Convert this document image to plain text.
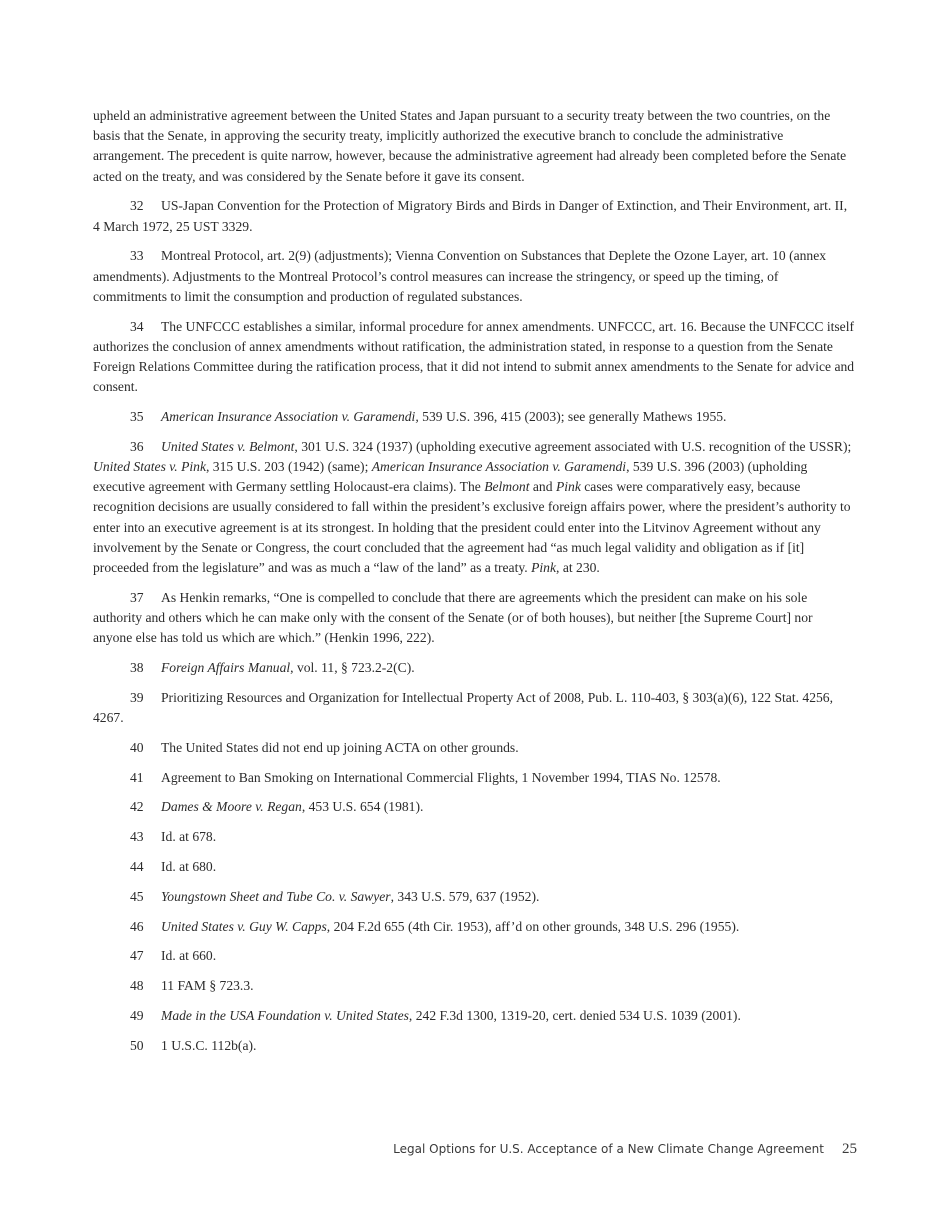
upheld an administrative agreement between the United States and Japan pursuant to a security treaty between the two countries, on the basis that the Senate, in approving the security treaty, implicitly authorized the executive branch to conclude the administrative arrangement. The precedent is quite narrow, however, because the administrative agreement had already been completed before the Senate acted on the treaty, and was considered by the Senate before it gave its consent.

32 US-Japan Convention for the Protection of Migratory Birds and Birds in Danger of Extinction, and Their Environment, art. II, 4 March 1972, 25 UST 3329.

33 Montreal Protocol, art. 2(9) (adjustments); Vienna Convention on Substances that Deplete the Ozone Layer, art. 10 (annex amendments). Adjustments to the Montreal Protocol’s control measures can increase the stringency, or speed up the timing, of commitments to limit the consumption and production of regulated substances.

34 The UNFCCC establishes a similar, informal procedure for annex amendments. UNFCCC, art. 16. Because the UNFCCC itself authorizes the conclusion of annex amendments without ratification, the administration stated, in response to a question from the Senate Foreign Relations Committee during the ratification process, that it did not intend to submit annex amendments to the Senate for advice and consent.

35 American Insurance Association v. Garamendi, 539 U.S. 396, 415 (2003); see generally Mathews 1955.

36 United States v. Belmont, 301 U.S. 324 (1937) (upholding executive agreement associated with U.S. recognition of the USSR); United States v. Pink, 315 U.S. 203 (1942) (same); American Insurance Association v. Garamendi, 539 U.S. 396 (2003) (upholding executive agreement with Germany settling Holocaust-era claims). The Belmont and Pink cases were comparatively easy, because recognition decisions are usually considered to fall within the president’s exclusive foreign affairs power, where the president’s authority to enter into an executive agreement is at its strongest. In holding that the president could enter into the Litvinov Agreement without any involvement by the Senate or Congress, the court concluded that the agreement had “as much legal validity and obligation as if [it] proceeded from the legislature” and was as much a “law of the land” as a treaty. Pink, at 230.

37 As Henkin remarks, “One is compelled to conclude that there are agreements which the president can make on his sole authority and others which he can make only with the consent of the Senate (or of both houses), but neither [the Supreme Court] nor anyone else has told us which are which.” (Henkin 1996, 222).

38 Foreign Affairs Manual, vol. 11, § 723.2-2(C).

39 Prioritizing Resources and Organization for Intellectual Property Act of 2008, Pub. L. 110-403, § 303(a)(6), 122 Stat. 4256, 4267.

40 The United States did not end up joining ACTA on other grounds.

41 Agreement to Ban Smoking on International Commercial Flights, 1 November 1994, TIAS No. 12578.

42 Dames & Moore v. Regan, 453 U.S. 654 (1981).

43 Id. at 678.

44 Id. at 680.

45 Youngstown Sheet and Tube Co. v. Sawyer, 343 U.S. 579, 637 (1952).

46 United States v. Guy W. Capps, 204 F.2d 655 (4th Cir. 1953), aff’d on other grounds, 348 U.S. 296 (1955).

47 Id. at 660.

48 11 FAM § 723.3.

49 Made in the USA Foundation v. United States, 242 F.3d 1300, 1319-20, cert. denied 534 U.S. 1039 (2001).

50 1 U.S.C. 112b(a).

Legal Options for U.S. Acceptance of a New Climate Change Agreement 25
